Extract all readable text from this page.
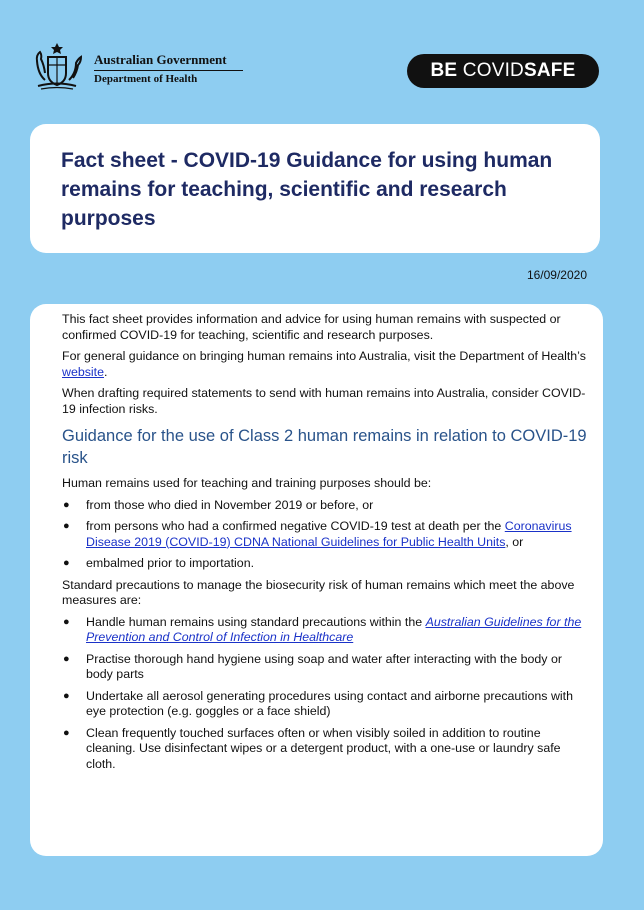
Australian Government

Department of Health	BE COVIDSAFE
Fact sheet - COVID-19 Guidance for using human remains for teaching, scientific and research purposes
16/09/2020

This fact sheet provides information and advice for using human remains with suspected or confirmed COVID-19 for teaching, scientific and research purposes.

For general guidance on bringing human remains into Australia, visit the Department of Health’s website.

When drafting required statements to send with human remains into Australia, consider COVID-19 infection risks.

Guidance for the use of Class 2 human remains in relation to COVID-19 risk

Human remains used for teaching and training purposes should be:

● from those who died in November 2019 or before, or
● from persons who had a confirmed negative COVID-19 test at death per the Coronavirus Disease 2019 (COVID-19) CDNA National Guidelines for Public Health Units, or
● embalmed prior to importation.

Standard precautions to manage the biosecurity risk of human remains which meet the above measures are:

● Handle human remains using standard precautions within the Australian Guidelines for the Prevention and Control of Infection in Healthcare
● Practise thorough hand hygiene using soap and water after interacting with the body or body parts
● Undertake all aerosol generating procedures using contact and airborne precautions with eye protection (e.g. goggles or a face shield)
● Clean frequently touched surfaces often or when visibly soiled in addition to routine cleaning. Use disinfectant wipes or a detergent product, with a one-use or laundry safe cloth.
